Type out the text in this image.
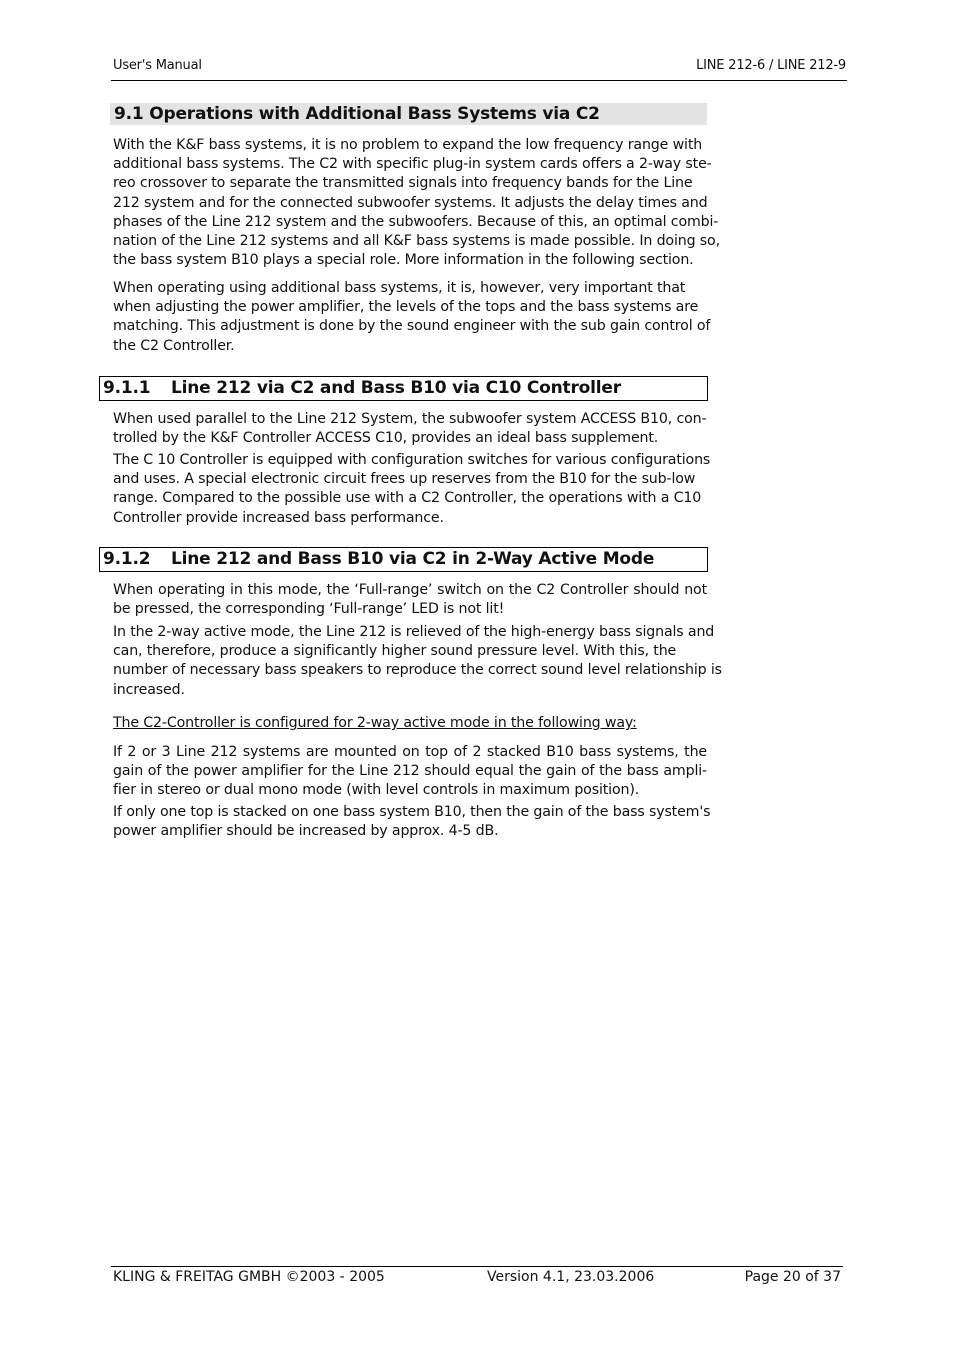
User's Manual	LINE 212-6 / LINE 212-9
9.1 Operations with Additional Bass Systems via C2

With the K&F bass systems, it is no problem to expand the low frequency range with
additional bass systems. The C2 with specific plug-in system cards offers a 2-way ste-
reo crossover to separate the transmitted signals into frequency bands for the Line
212 system and for the connected subwoofer systems. It adjusts the delay times and
phases of the Line 212 system and the subwoofers. Because of this, an optimal combi-
nation of the Line 212 systems and all K&F bass systems is made possible. In doing so,
the bass system B10 plays a special role. More information in the following section.

When operating using additional bass systems, it is, however, very important that
when adjusting the power amplifier, the levels of the tops and the bass systems are
matching. This adjustment is done by the sound engineer with the sub gain control of
the C2 Controller.

9.1.1 Line 212 via C2 and Bass B10 via C10 Controller

When used parallel to the Line 212 System, the subwoofer system ACCESS B10, con-
trolled by the K&F Controller ACCESS C10, provides an ideal bass supplement.

The C 10 Controller is equipped with configuration switches for various configurations
and uses. A special electronic circuit frees up reserves from the B10 for the sub-low
range. Compared to the possible use with a C2 Controller, the operations with a C10
Controller provide increased bass performance.

9.1.2 Line 212 and Bass B10 via C2 in 2-Way Active Mode

When operating in this mode, the ‘Full-range’ switch on the C2 Controller should not
be pressed, the corresponding ‘Full-range’ LED is not lit!

In the 2-way active mode, the Line 212 is relieved of the high-energy bass signals and
can, therefore, produce a significantly higher sound pressure level. With this, the
number of necessary bass speakers to reproduce the correct sound level relationship is
increased.

The C2-Controller is configured for 2-way active mode in the following way:

If 2 or 3 Line 212 systems are mounted on top of 2 stacked B10 bass systems, the
gain of the power amplifier for the Line 212 should equal the gain of the bass ampli-
fier in stereo or dual mono mode (with level controls in maximum position).

If only one top is stacked on one bass system B10, then the gain of the bass system's
power amplifier should be increased by approx. 4-5 dB.

KLING & FREITAG GMBH ©2003 - 2005	Version 4.1, 23.03.2006	Page 20 of 37
